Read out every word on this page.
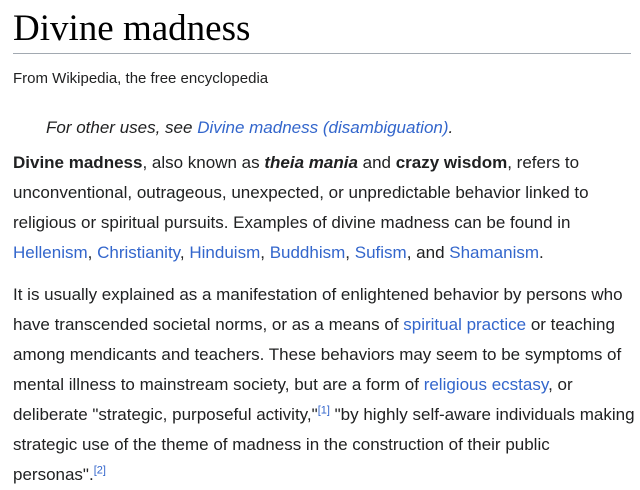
Divine madness
From Wikipedia, the free encyclopedia
For other uses, see Divine madness (disambiguation).

Divine madness, also known as theia mania and crazy wisdom, refers to unconventional, outrageous, unexpected, or unpredictable behavior linked to religious or spiritual pursuits. Examples of divine madness can be found in Hellenism, Christianity, Hinduism, Buddhism, Sufism, and Shamanism.

It is usually explained as a manifestation of enlightened behavior by persons who have transcended societal norms, or as a means of spiritual practice or teaching among mendicants and teachers. These behaviors may seem to be symptoms of mental illness to mainstream society, but are a form of religious ecstasy, or deliberate "strategic, purposeful activity,"[1] "by highly self-aware individuals making strategic use of the theme of madness in the construction of their public personas".[2]
